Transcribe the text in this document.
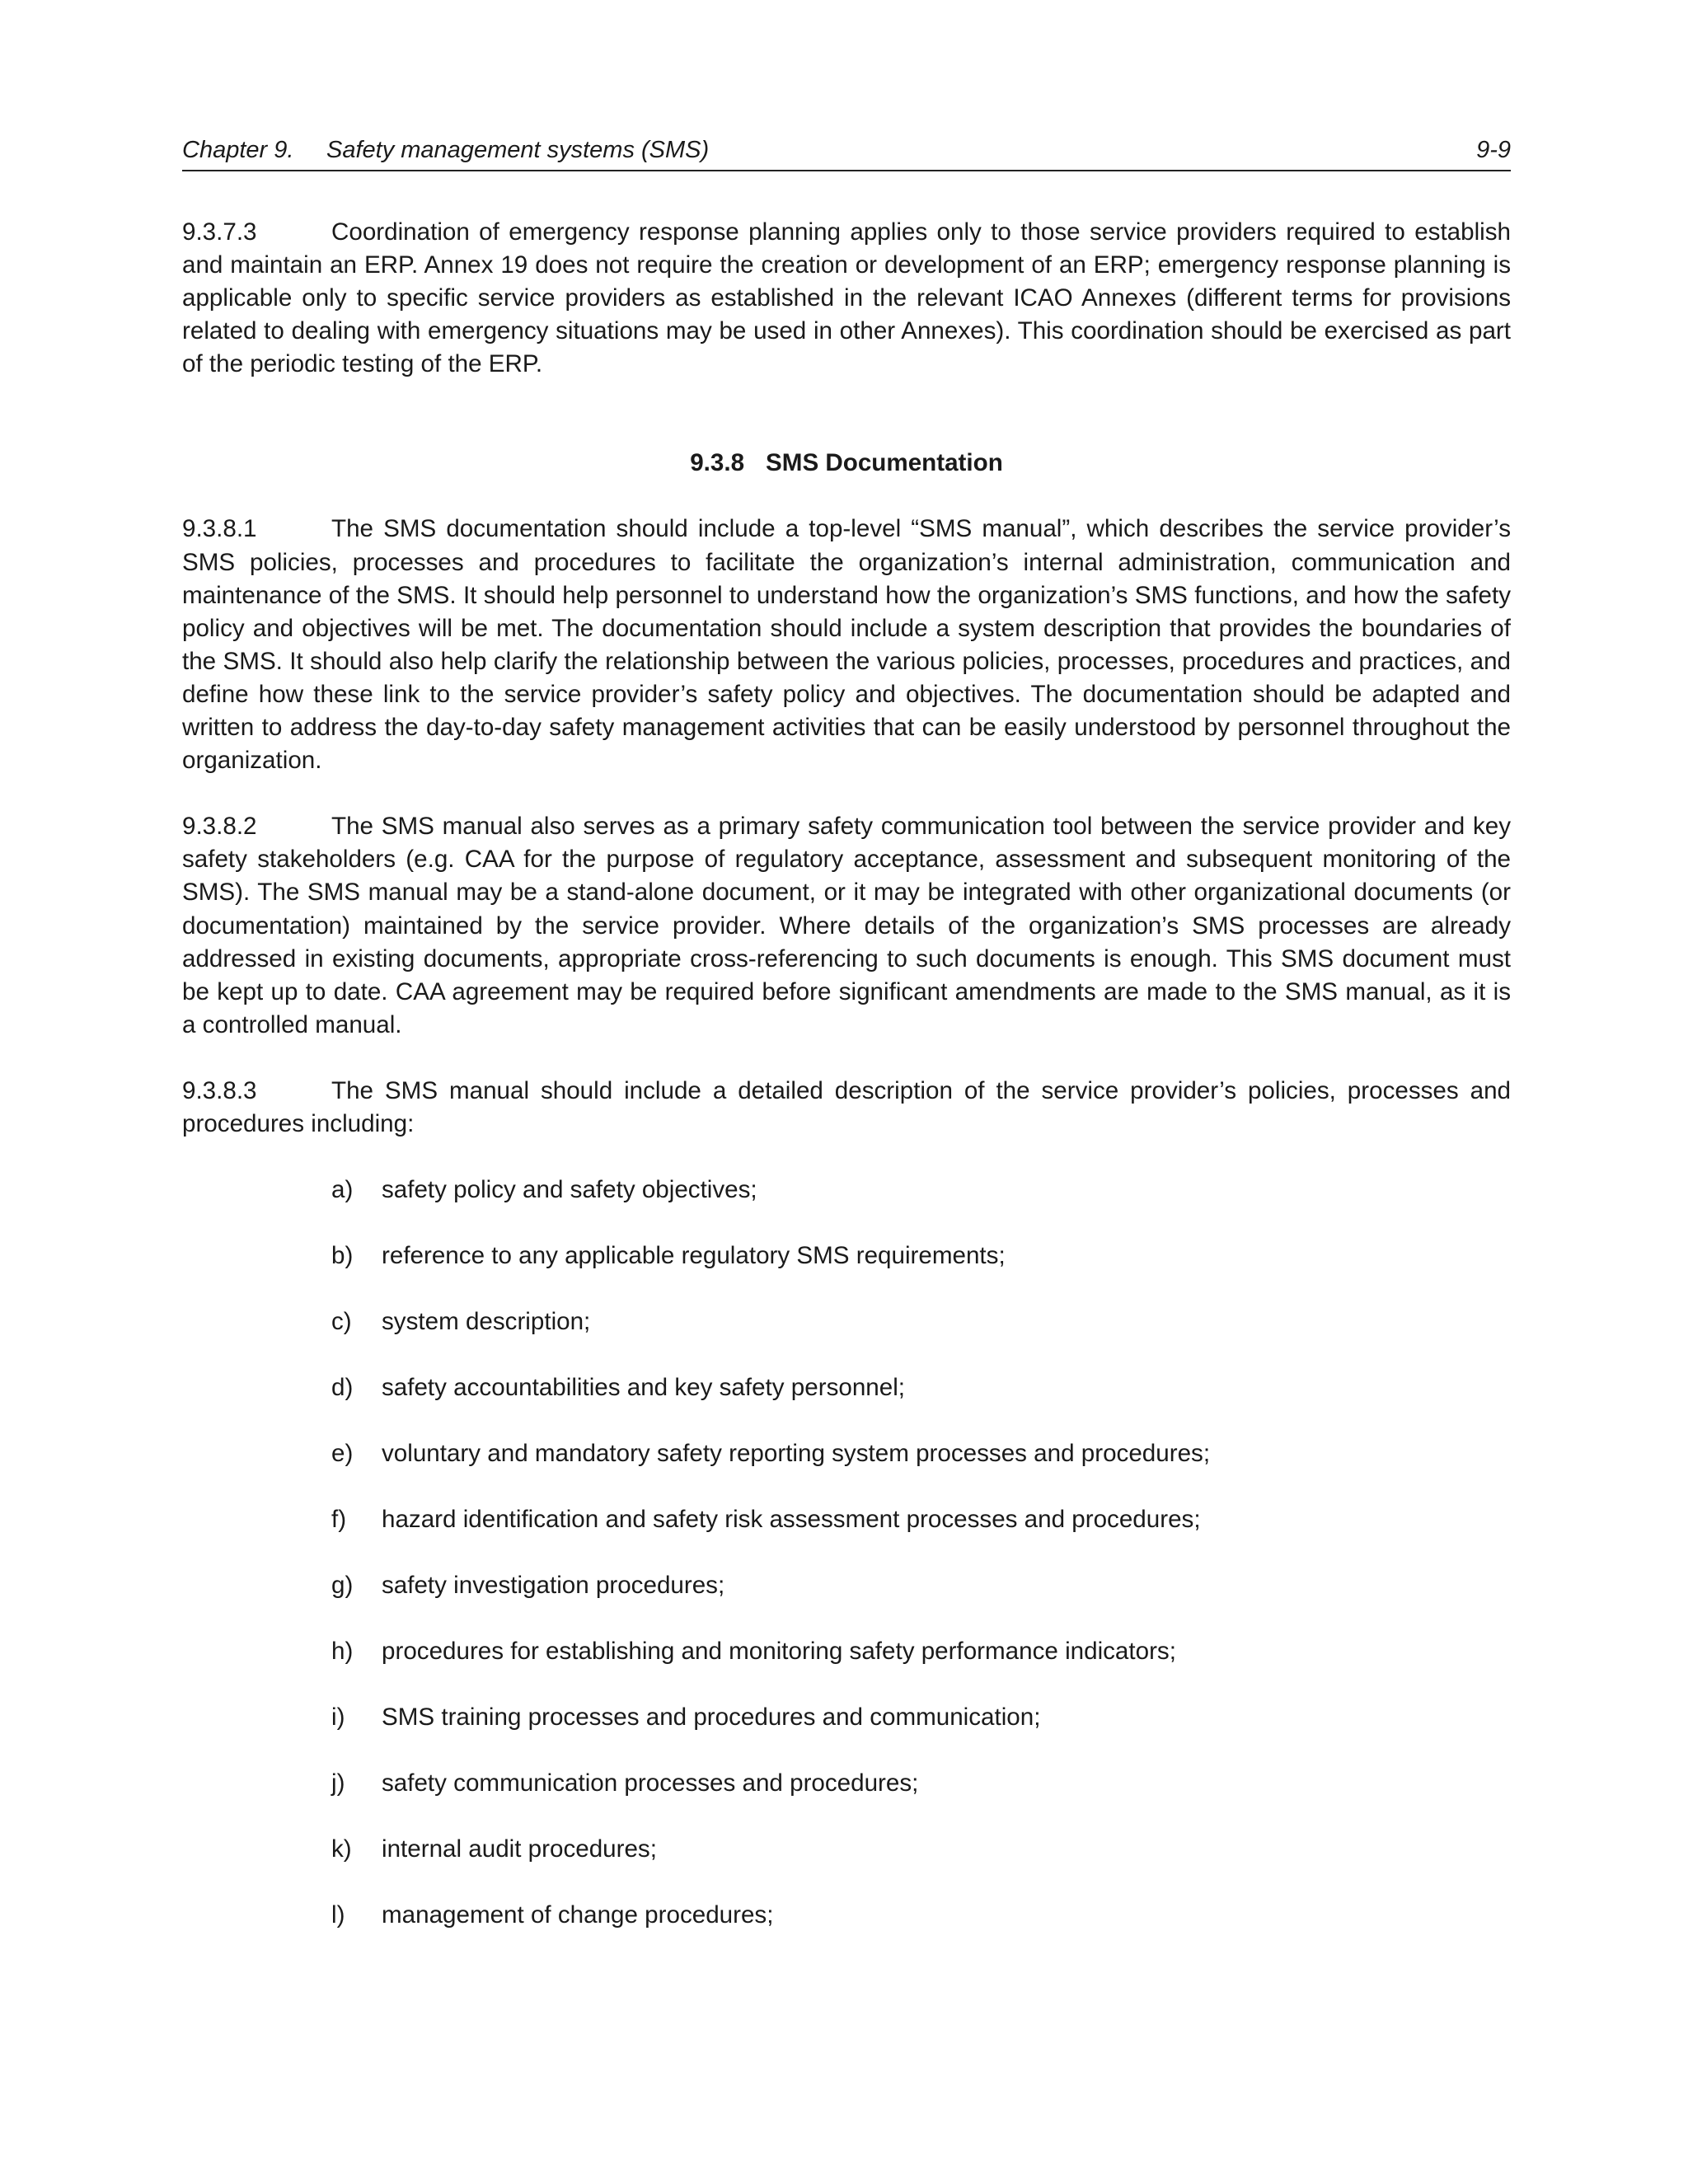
Chapter 9. Safety management systems (SMS)	9-9

9.3.7.3	Coordination of emergency response planning applies only to those service providers required to establish and maintain an ERP. Annex 19 does not require the creation or development of an ERP; emergency response planning is applicable only to specific service providers as established in the relevant ICAO Annexes (different terms for provisions related to dealing with emergency situations may be used in other Annexes). This coordination should be exercised as part of the periodic testing of the ERP.

9.3.8 SMS Documentation

9.3.8.1	The SMS documentation should include a top-level “SMS manual”, which describes the service provider’s SMS policies, processes and procedures to facilitate the organization’s internal administration, communication and maintenance of the SMS. It should help personnel to understand how the organization’s SMS functions, and how the safety policy and objectives will be met. The documentation should include a system description that provides the boundaries of the SMS. It should also help clarify the relationship between the various policies, processes, procedures and practices, and define how these link to the service provider’s safety policy and objectives. The documentation should be adapted and written to address the day-to-day safety management activities that can be easily understood by personnel throughout the organization.

9.3.8.2	The SMS manual also serves as a primary safety communication tool between the service provider and key safety stakeholders (e.g. CAA for the purpose of regulatory acceptance, assessment and subsequent monitoring of the SMS). The SMS manual may be a stand-alone document, or it may be integrated with other organizational documents (or documentation) maintained by the service provider. Where details of the organization’s SMS processes are already addressed in existing documents, appropriate cross-referencing to such documents is enough. This SMS document must be kept up to date. CAA agreement may be required before significant amendments are made to the SMS manual, as it is a controlled manual.

9.3.8.3	The SMS manual should include a detailed description of the service provider’s policies, processes and procedures including:

a) safety policy and safety objectives;
b) reference to any applicable regulatory SMS requirements;
c) system description;
d) safety accountabilities and key safety personnel;
e) voluntary and mandatory safety reporting system processes and procedures;
f) hazard identification and safety risk assessment processes and procedures;
g) safety investigation procedures;
h) procedures for establishing and monitoring safety performance indicators;
i) SMS training processes and procedures and communication;
j) safety communication processes and procedures;
k) internal audit procedures;
l) management of change procedures;
